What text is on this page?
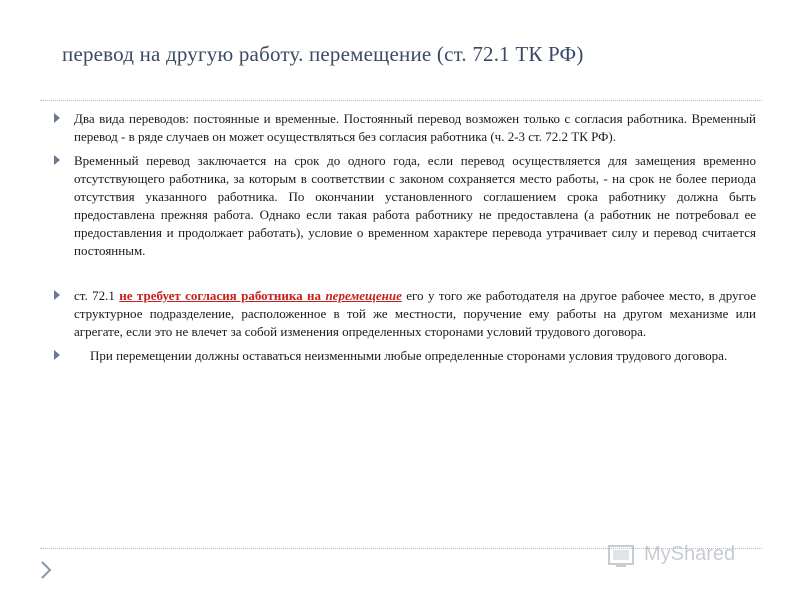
перевод на другую работу. перемещение (ст. 72.1 ТК РФ)
Два вида переводов: постоянные и временные. Постоянный перевод возможен только с согласия работника. Временный перевод - в ряде случаев он может осуществляться без согласия работника (ч. 2-3 ст. 72.2 ТК РФ).
Временный перевод заключается на срок до одного года, если перевод осуществляется для замещения временно отсутствующего работника, за которым в соответствии с законом сохраняется место работы, - на срок не более периода отсутствия указанного работника. По окончании установленного соглашением срока работнику должна быть предоставлена прежняя работа. Однако если такая работа работнику не предоставлена (а работник не потребовал ее предоставления и продолжает работать), условие о временном характере перевода утрачивает силу и перевод считается постоянным.
ст. 72.1 не требует согласия работника на перемещение его у того же работодателя на другое рабочее место, в другое структурное подразделение, расположенное в той же местности, поручение ему работы на другом механизме или агрегате, если это не влечет за собой изменения определенных сторонами условий трудового договора.
При перемещении должны оставаться неизменными любые определенные сторонами условия трудового договора.
MyShared
